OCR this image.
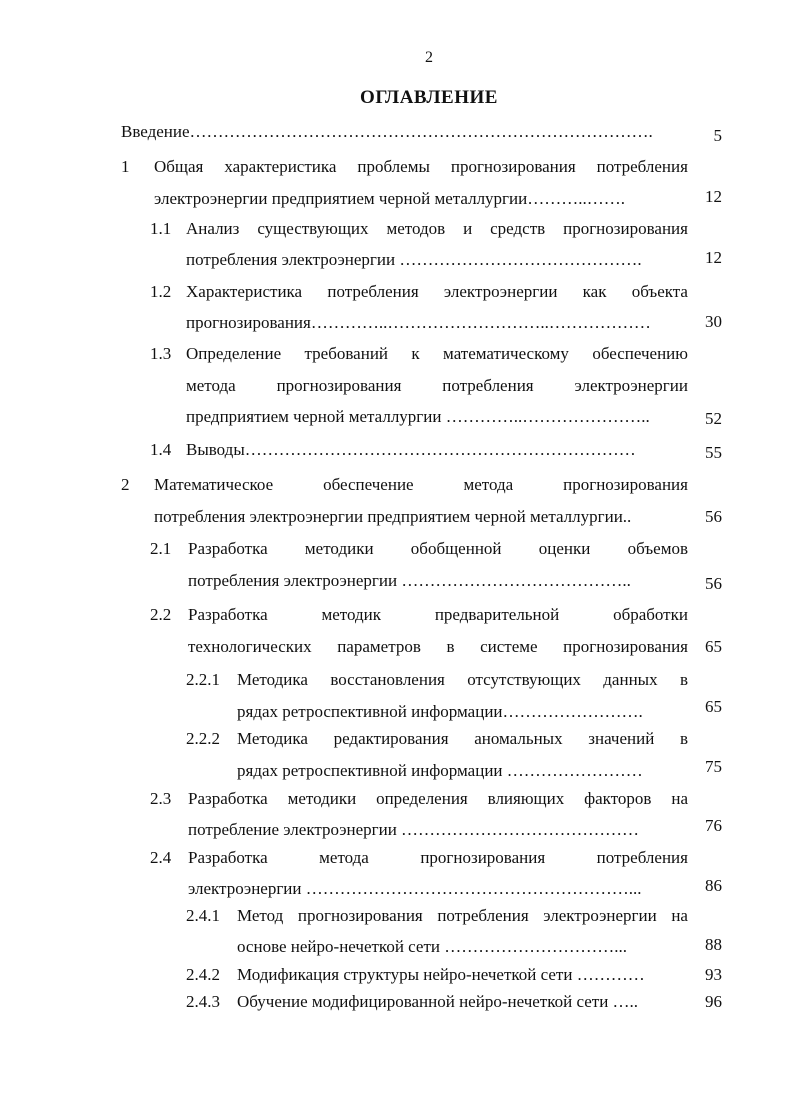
2
ОГЛАВЛЕНИЕ
Введение……………………………………………………………………….	5
1 Общая характеристика проблемы прогнозирования потребления
электроэнергии предприятием черной металлургии………..…….	12
1.1 Анализ существующих методов и средств прогнозирования
потребления электроэнергии …………………………………….	12
1.2 Характеристика потребления электроэнергии как объекта
прогнозирования…………..………………………..………………	30
1.3 Определение требований к математическому обеспечению
метода прогнозирования потребления электроэнергии
предприятием черной металлургии …………..…………………..	52
1.4 Выводы……………………………………………………………	55
2 Математическое	обеспечение	метода	прогнозирования
потребления электроэнергии предприятием черной металлургии..	56
2.1 Разработка методики обобщенной оценки объемов
потребления электроэнергии …………………………………..	56
2.2 Разработка	методик	предварительной	обработки
технологических параметров в системе прогнозирования	65
2.2.1 Методика восстановления отсутствующих данных в
рядах ретроспективной информации…………………….	65
2.2.2 Методика редактирования аномальных значений в
рядах ретроспективной информации ……………………	75
2.3 Разработка методики определения влияющих факторов на
потребление электроэнергии ……………………………………	76
2.4 Разработка	метода	прогнозирования	потребления
электроэнергии …………………………………………………...	86
2.4.1 Метод прогнозирования потребления электроэнергии на
основе нейро-нечеткой сети …………………………...	88
2.4.2 Модификация структуры нейро-нечеткой сети …………	93
2.4.3 Обучение модифицированной нейро-нечеткой сети …..	96
